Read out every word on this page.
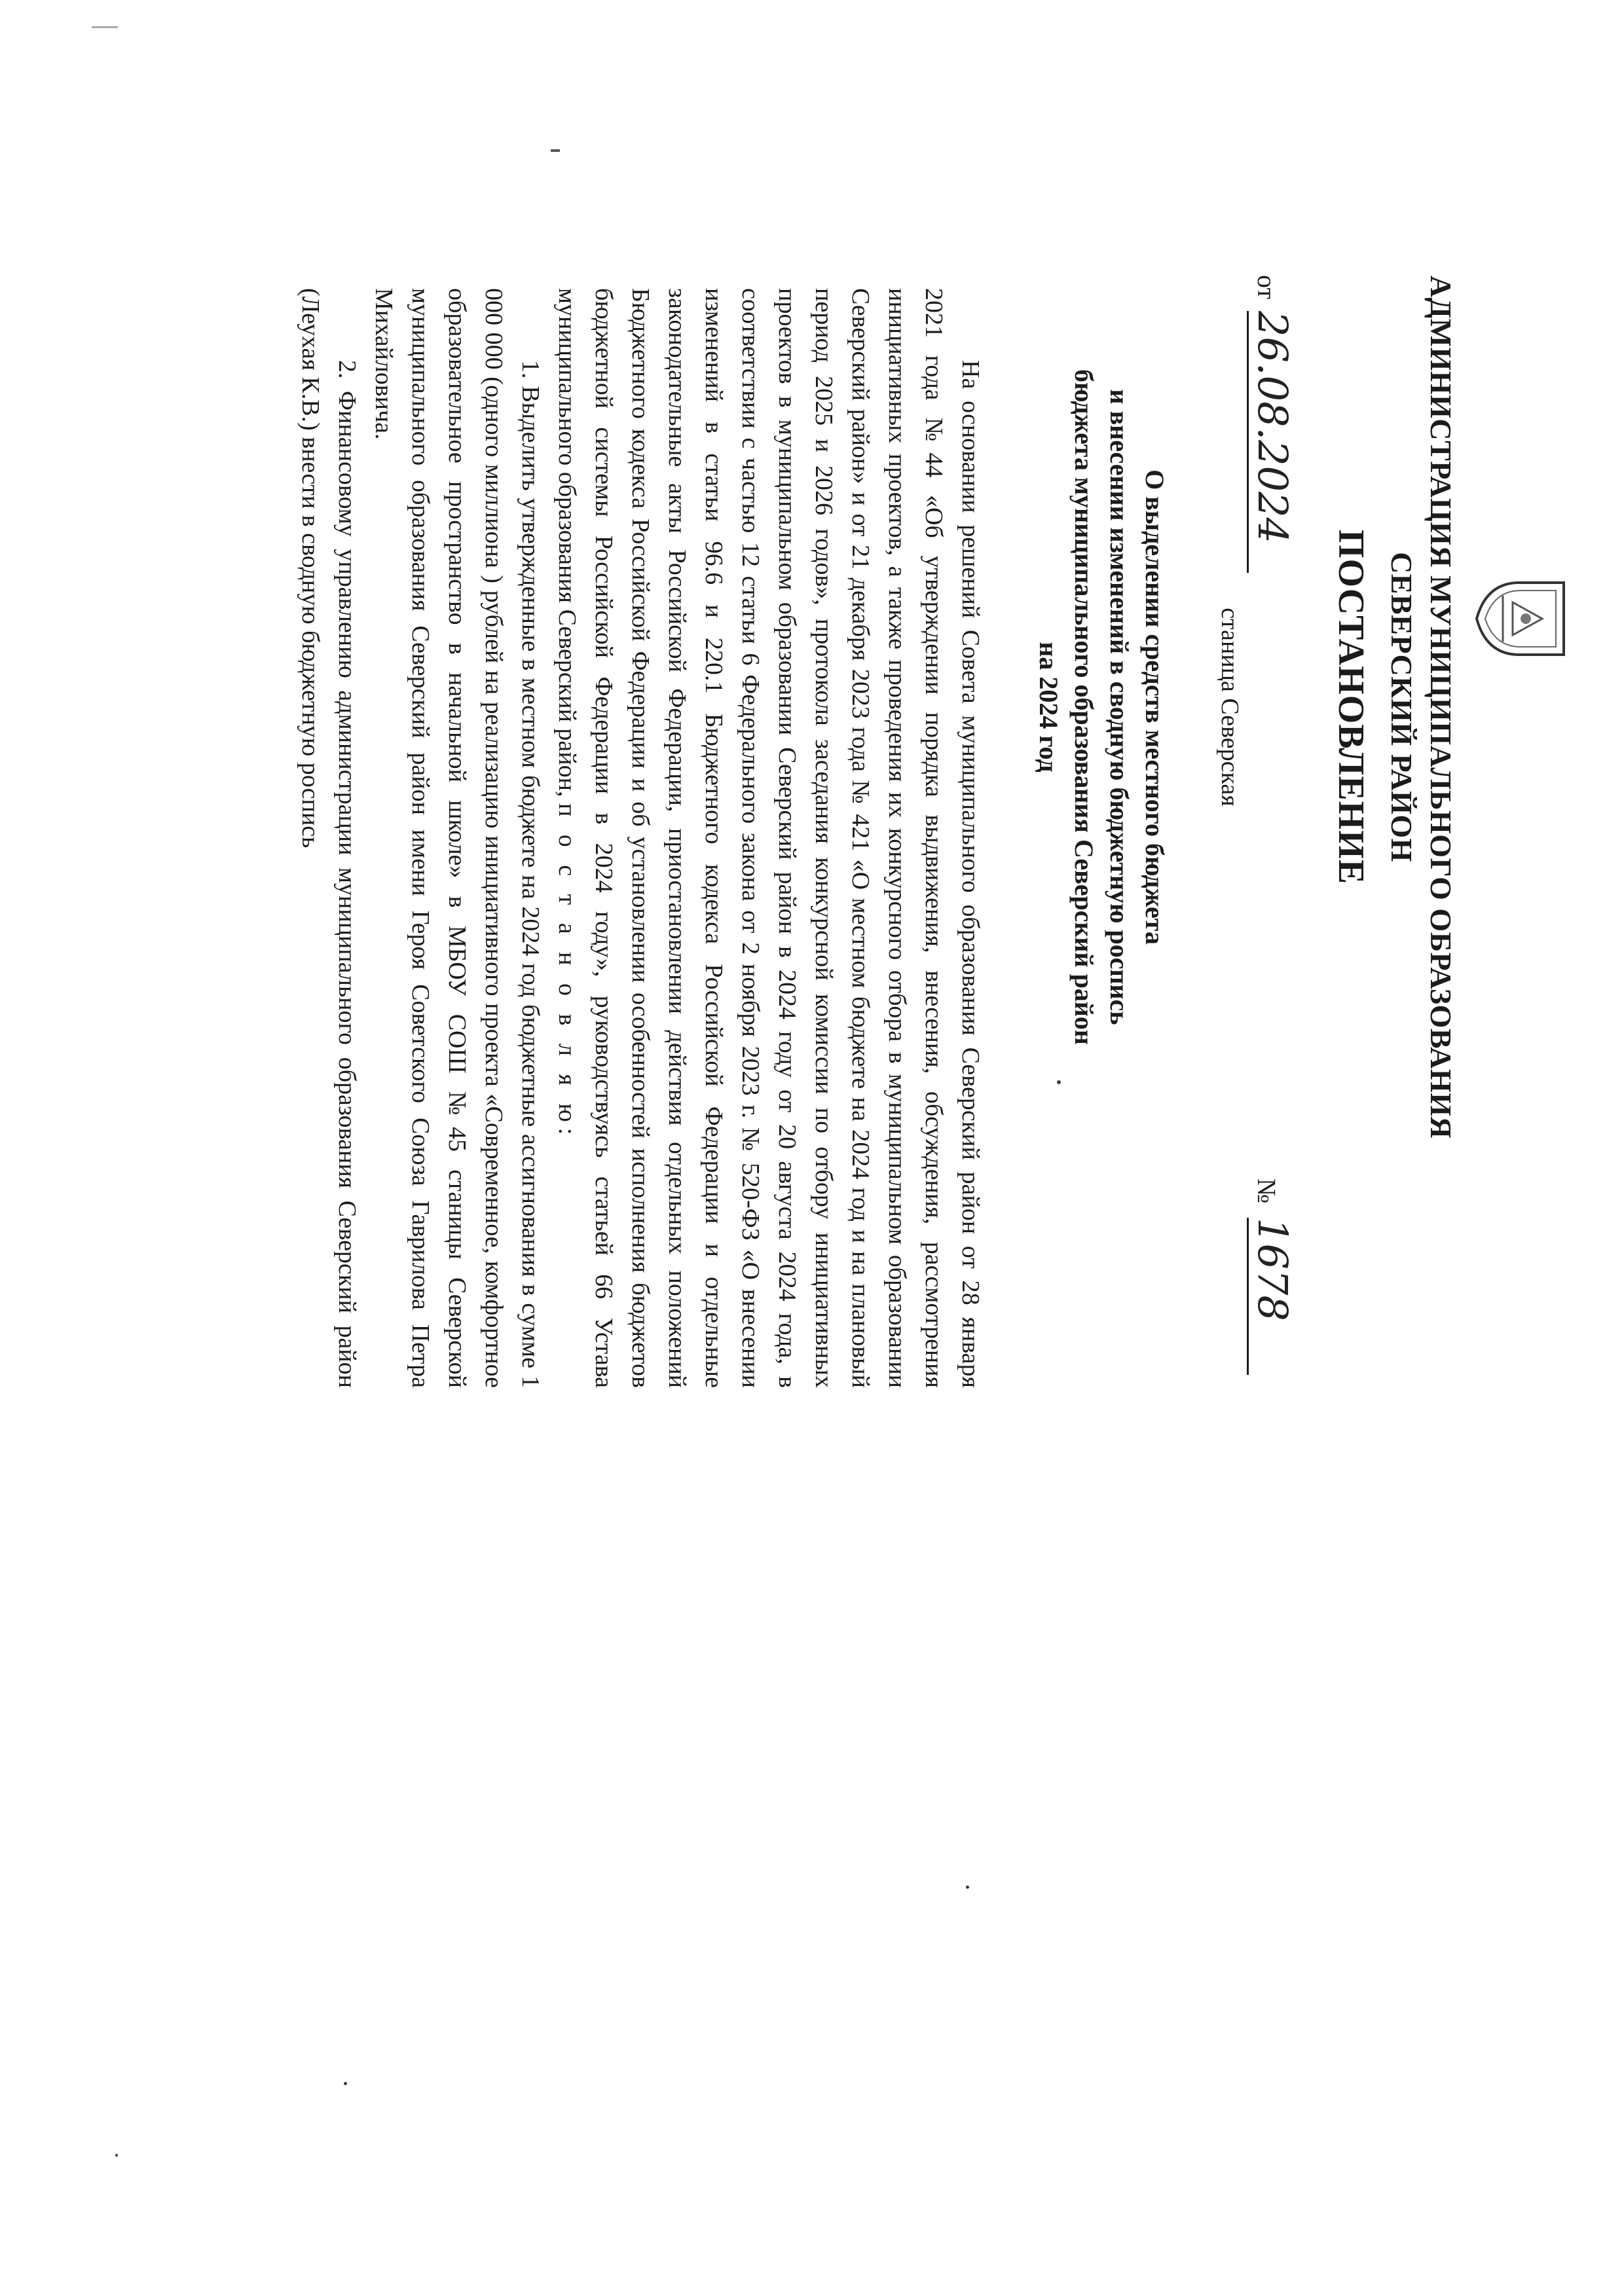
АДМИНИСТРАЦИЯ МУНИЦИПАЛЬНОГО ОБРАЗОВАНИЯ
СЕВЕРСКИЙ РАЙОН
ПОСТАНОВЛЕНИЕ
от
26.08.2024
№
1678
станица Северская
О выделении средств местного бюджета
и внесении изменений в сводную бюджетную роспись
бюджета муниципального образования Северский район
на 2024 год

На основании решений Совета муниципального образования Северский район от 28 января 2021 года №44 «Об утверждении порядка выдвижения, внесения, обсуждения, рассмотрения инициативных проектов, а также проведения их конкурсного отбора в муниципальном образовании Северский район» и от 21 декабря 2023 года № 421 «О местном бюджете на 2024 год и на плановый период 2025 и 2026 годов», протокола заседания конкурсной комиссии по отбору инициативных проектов в муниципальном образовании Северский район в 2024 году от 20 августа 2024 года, в соответствии с частью 12 статьи 6 Федерального закона от 2 ноября 2023 г. № 520-ФЗ «О внесении изменений в статьи 96.6 и 220.1 Бюджетного кодекса Российской Федерации и отдельные законодательные акты Российской Федерации, приостановлении действия отдельных положений Бюджетного кодекса Российской Федерации и об установлении особенностей исполнения бюджетов бюджетной системы Российской Федерации в 2024 году», руководствуясь статьей 66 Устава муниципального образования Северский район, п о с т а н о в л я ю:

1. Выделить утвержденные в местном бюджете на 2024 год бюджетные ассигнования в сумме 1 000 000 (одного миллиона ) рублей на реализацию инициативного проекта «Современное, комфортное образовательное пространство в начальной школе» в МБОУ СОШ №45 станицы Северской муниципального образования Северский район имени Героя Советского Союза Гаврилова Петра Михайловича.

2. Финансовому управлению администрации муниципального образования Северский район (Леухая К.В.) внести в сводную бюджетную роспись
